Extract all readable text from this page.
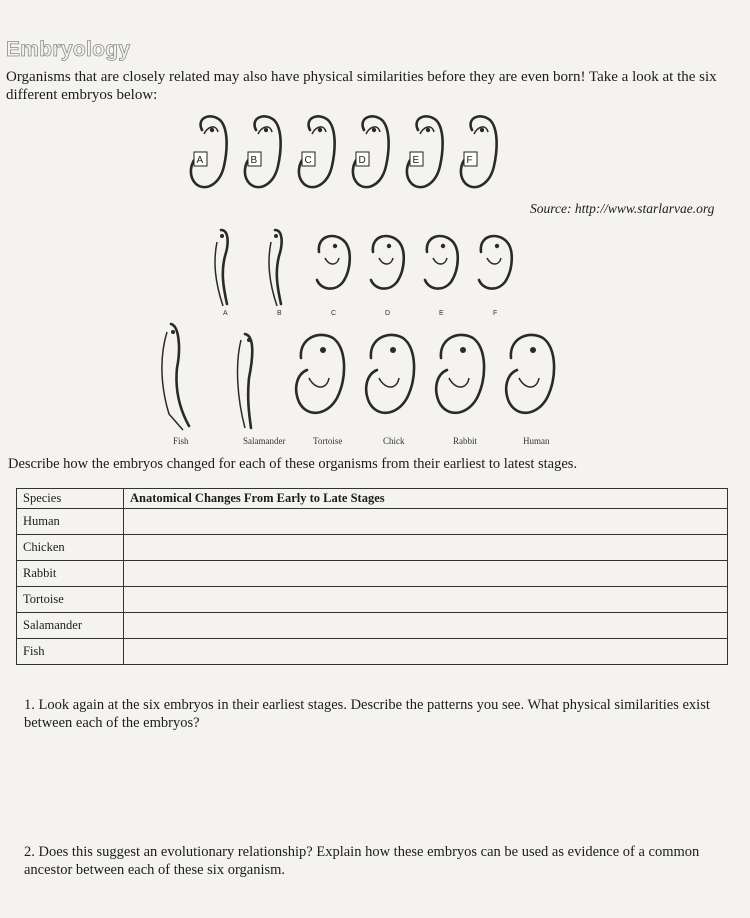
Embryology
Organisms that are closely related may also have physical similarities before they are even born! Take a look at the six different embryos below:
A	B	C	D	E	F
Source: http://www.starlarvae.org
A	B	C	D	E	F
Fish	Salamander	Tortoise	Chick	Rabbit	Human
Describe how the embryos changed for each of these organisms from their earliest to latest stages.
Species	Anatomical Changes From Early to Late Stages
Human	
Chicken	
Rabbit	
Tortoise	
Salamander	
Fish	
1. Look again at the six embryos in their earliest stages. Describe the patterns you see. What physical similarities exist between each of the embryos?
2. Does this suggest an evolutionary relationship? Explain how these embryos can be used as evidence of a common ancestor between each of these six organism.
